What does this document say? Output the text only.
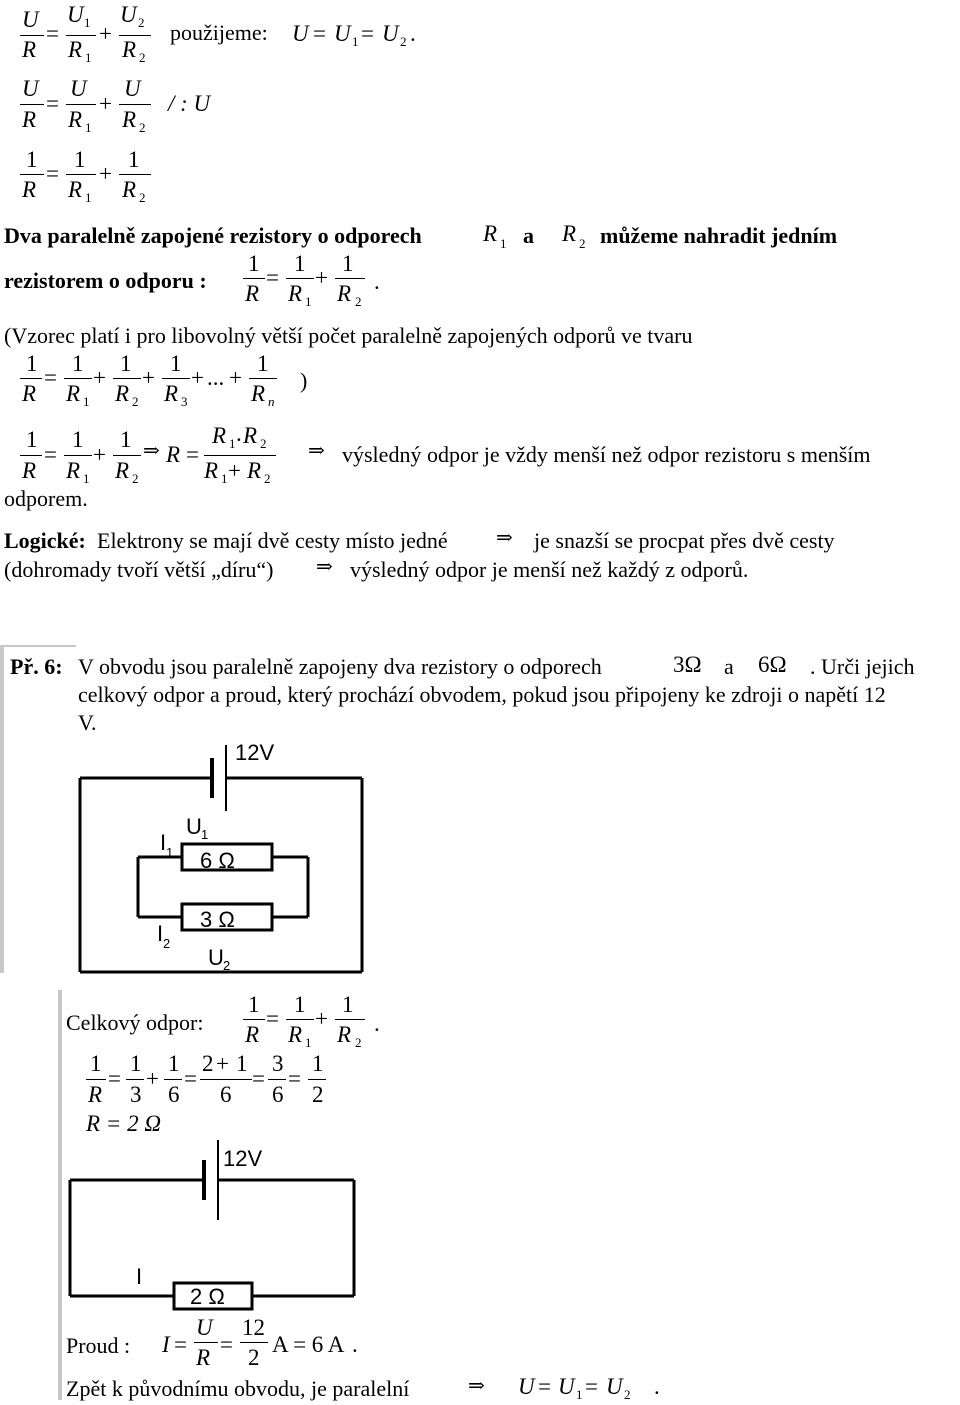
U
R
=
U 1
R 1
+
U 2
R 2
použijeme: U = U 1 = U 2 .
U
R
=
U
R 1
+
U
R 2
/ : U
1
R
=
1
R 1
+
1
R 2
Dva paralelně zapojené rezistory o odporech	R 1 a R 2 můžeme nahradit jedním
rezistorem o odporu :
1
R
=
1
R 1
+
1
R 2
.
(Vzorec platí i pro libovolný větší počet paralelně zapojených odporů ve tvaru
1
R
=
1
R 1
+
1
R 2
+
1
R 3
+ ... +
1
R n
)
1
R
=
1
R 1
+
1
R 2
⇒ R =
R 1 . R 2
R 1 + R 2
⇒ výsledný odpor je vždy menší než odpor rezistoru s menším
odporem.
Logické: Elektrony se mají dvě cesty místo jedné ⇒ je snazší se procpat přes dvě cesty
(dohromady tvoří větší „díru“) ⇒ výsledný odpor je menší než každý z odporů.
Př. 6: V obvodu jsou paralelně zapojeny dva rezistory o odporech	3Ω a 6Ω . Urči jejich
celkový odpor a proud, který prochází obvodem, pokud jsou připojeny ke zdroji o napětí 12
V.
12V
I 1
U 1
6 Ω
3 Ω
I 2
U 2
Celkový odpor:
1
R
=
1
R 1
+
1
R 2
.
1
R
=
1
3
+
1
6
=
2 + 1
6
=
3
6
=
1
2
R = 2 Ω
12V
I
2 Ω
Proud : I =
U
R
=
12
2
A = 6 A .
Zpět k původnímu obvodu, je paralelní	⇒ U = U 1 = U 2 .
